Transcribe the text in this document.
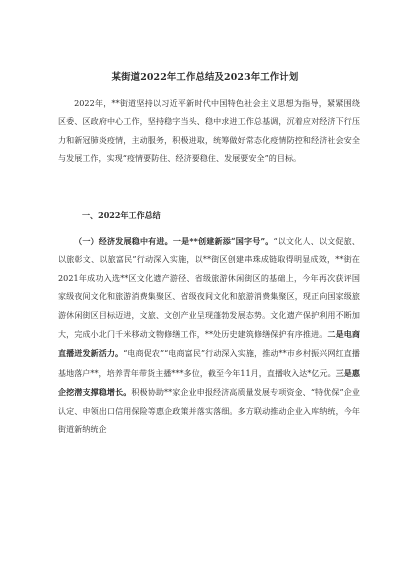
某街道2022年工作总结及2023年工作计划

2022年，**街道坚持以习近平新时代中国特色社会主义思想为指导，紧紧围绕区委、区政府中心工作，坚持稳字当头、稳中求进工作总基调，沉着应对经济下行压力和新冠肺炎疫情，主动服务，积极进取，统筹做好常态化疫情防控和经济社会安全与发展工作，实现“疫情要防住、经济要稳住、发展要安全”的目标。

一、2022年工作总结

（一）经济发展稳中有进。一是**创建新添“国字号”。“以文化人、以文促旅、以旅彰文、以旅富民”行动深入实施，以**街区创建串珠成链取得明显成效，**街在2021年成功入选**区文化遗产游径、省级旅游休闲街区的基础上，今年再次获评国家级夜间文化和旅游消费集聚区、省级夜间文化和旅游消费集聚区，现正向国家级旅游休闲街区目标迈进，文旅、文创产业呈现蓬勃发展态势。文化遗产保护利用不断加大，完成小北门千米移动文物修缮工作，**处历史建筑修缮保护有序推进。二是电商直播迸发新活力。“电商促农”“电商富民”行动深入实施，推动**市乡村振兴网红直播基地落户**，培养青年带货主播***多位，截至今年11月，直播收入达*亿元。三是惠企挖潜支撑稳增长。积极协助**家企业申报经济高质量发展专项资金、“特优保”企业认定、申领出口信用保险等惠企政策并落实落细。多方联动推动企业入库纳统，今年街道新纳统企
